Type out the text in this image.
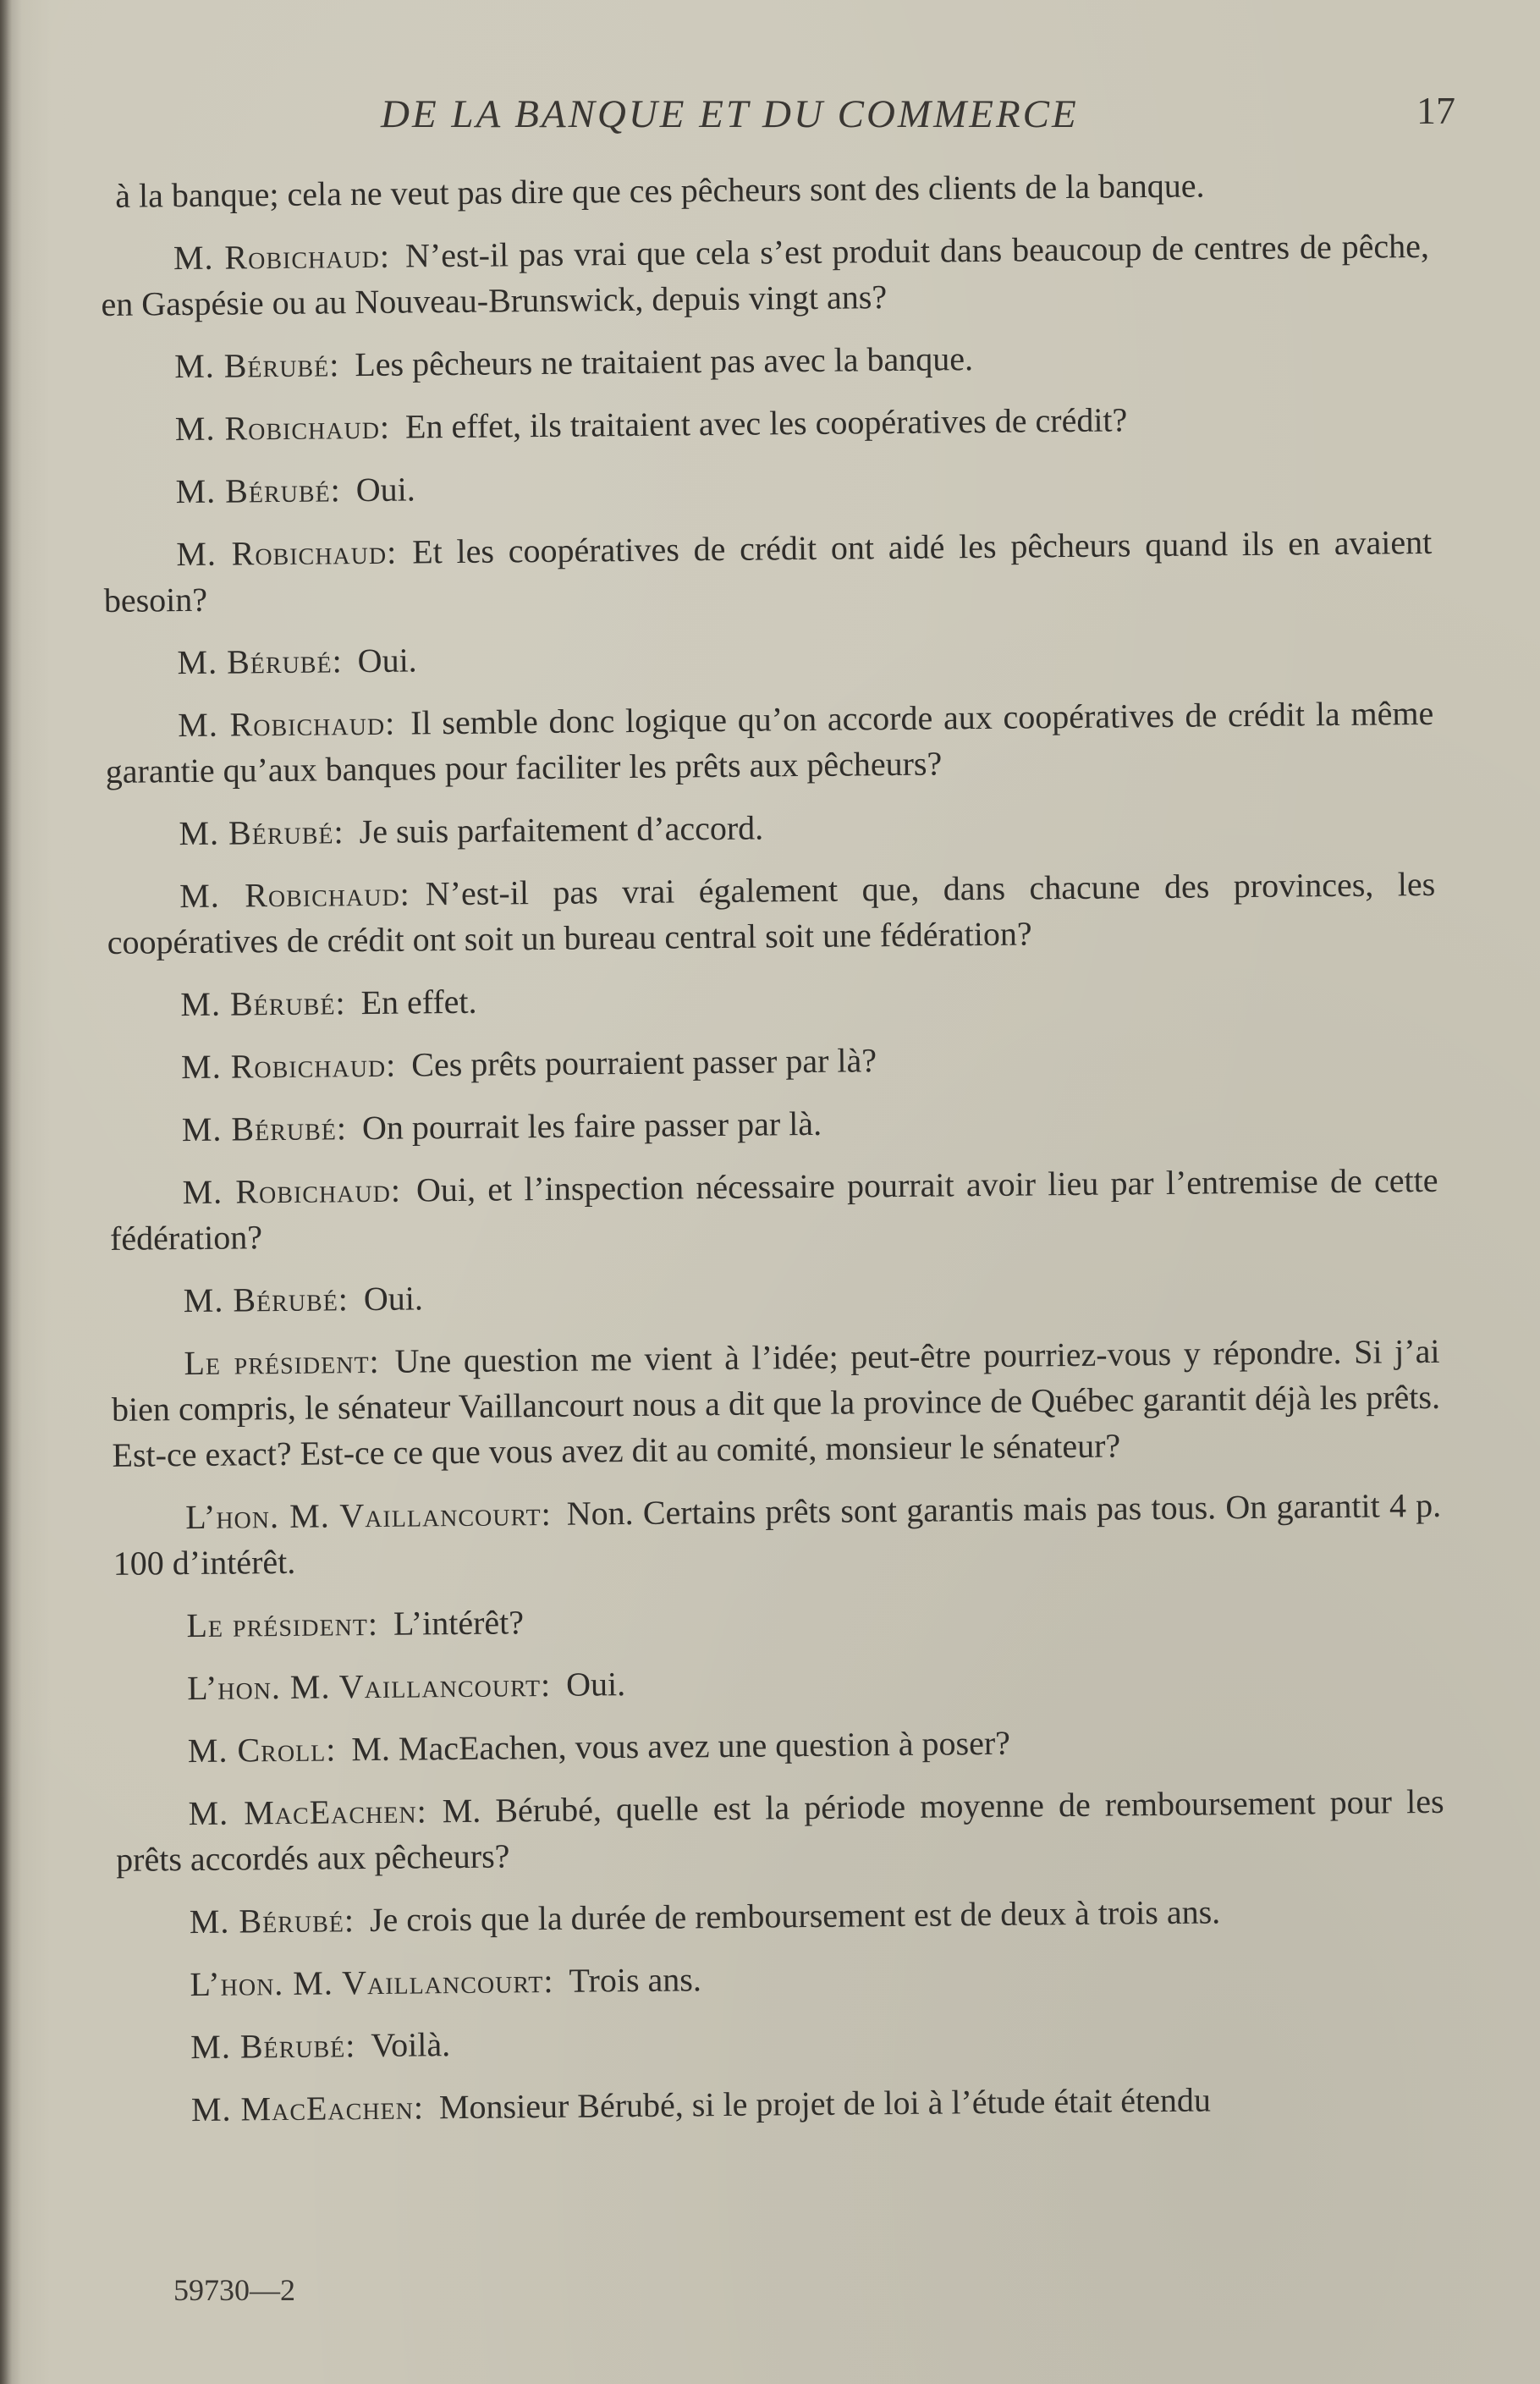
DE LA BANQUE ET DU COMMERCE	17

à la banque; cela ne veut pas dire que ces pêcheurs sont des clients de la banque.

M. Robichaud: N’est-il pas vrai que cela s’est produit dans beaucoup de centres de pêche, en Gaspésie ou au Nouveau-Brunswick, depuis vingt ans?

M. Bérubé: Les pêcheurs ne traitaient pas avec la banque.

M. Robichaud: En effet, ils traitaient avec les coopératives de crédit?

M. Bérubé: Oui.

M. Robichaud: Et les coopératives de crédit ont aidé les pêcheurs quand ils en avaient besoin?

M. Bérubé: Oui.

M. Robichaud: Il semble donc logique qu’on accorde aux coopératives de crédit la même garantie qu’aux banques pour faciliter les prêts aux pêcheurs?

M. Bérubé: Je suis parfaitement d’accord.

M. Robichaud: N’est-il pas vrai également que, dans chacune des provinces, les coopératives de crédit ont soit un bureau central soit une fédération?

M. Bérubé: En effet.

M. Robichaud: Ces prêts pourraient passer par là?

M. Bérubé: On pourrait les faire passer par là.

M. Robichaud: Oui, et l’inspection nécessaire pourrait avoir lieu par l’entremise de cette fédération?

M. Bérubé: Oui.

Le président: Une question me vient à l’idée; peut-être pourriez-vous y répondre. Si j’ai bien compris, le sénateur Vaillancourt nous a dit que la province de Québec garantit déjà les prêts. Est-ce exact? Est-ce ce que vous avez dit au comité, monsieur le sénateur?

L’hon. M. Vaillancourt: Non. Certains prêts sont garantis mais pas tous. On garantit 4 p. 100 d’intérêt.

Le président: L’intérêt?

L’hon. M. Vaillancourt: Oui.

M. Croll: M. MacEachen, vous avez une question à poser?

M. MacEachen: M. Bérubé, quelle est la période moyenne de remboursement pour les prêts accordés aux pêcheurs?

M. Bérubé: Je crois que la durée de remboursement est de deux à trois ans.

L’hon. M. Vaillancourt: Trois ans.

M. Bérubé: Voilà.

M. MacEachen: Monsieur Bérubé, si le projet de loi à l’étude était étendu

59730—2
